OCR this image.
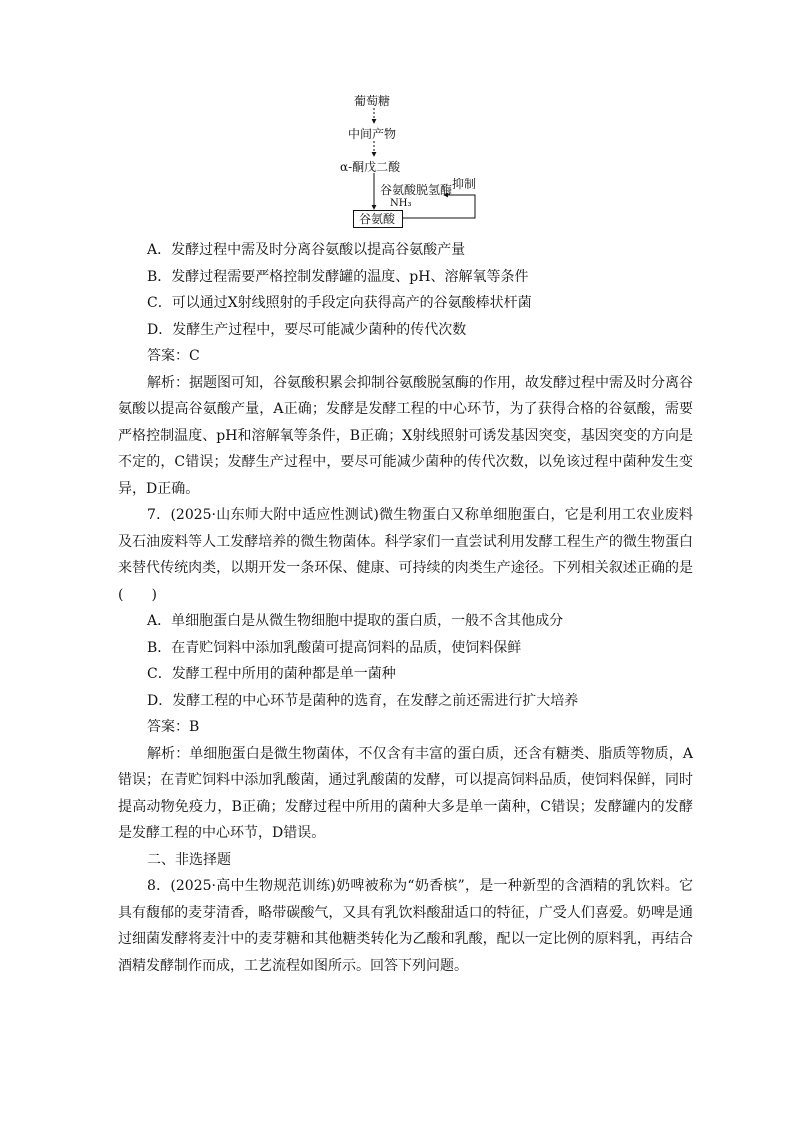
葡萄糖
中间产物
α-酮戊二酸
谷氨酸脱氢酶
NH₃
抑制
谷氨酸

A．发酵过程中需及时分离谷氨酸以提高谷氨酸产量

B．发酵过程需要严格控制发酵罐的温度、pH、溶解氧等条件

C．可以通过X射线照射的手段定向获得高产的谷氨酸棒状杆菌

D．发酵生产过程中，要尽可能减少菌种的传代次数

答案：C

解析：据题图可知，谷氨酸积累会抑制谷氨酸脱氢酶的作用，故发酵过程中需及时分离谷氨酸以提高谷氨酸产量，A正确；发酵是发酵工程的中心环节，为了获得合格的谷氨酸，需要严格控制温度、pH和溶解氧等条件，B正确；X射线照射可诱发基因突变，基因突变的方向是不定的，C错误；发酵生产过程中，要尽可能减少菌种的传代次数，以免该过程中菌种发生变异，D正确。

7．(2025·山东师大附中适应性测试)微生物蛋白又称单细胞蛋白，它是利用工农业废料及石油废料等人工发酵培养的微生物菌体。科学家们一直尝试利用发酵工程生产的微生物蛋白来替代传统肉类，以期开发一条环保、健康、可持续的肉类生产途径。下列相关叙述正确的是(　　)

A．单细胞蛋白是从微生物细胞中提取的蛋白质，一般不含其他成分

B．在青贮饲料中添加乳酸菌可提高饲料的品质，使饲料保鲜

C．发酵工程中所用的菌种都是单一菌种

D．发酵工程的中心环节是菌种的选育，在发酵之前还需进行扩大培养

答案：B

解析：单细胞蛋白是微生物菌体，不仅含有丰富的蛋白质，还含有糖类、脂质等物质，A错误；在青贮饲料中添加乳酸菌，通过乳酸菌的发酵，可以提高饲料品质，使饲料保鲜，同时提高动物免疫力，B正确；发酵过程中所用的菌种大多是单一菌种，C错误；发酵罐内的发酵是发酵工程的中心环节，D错误。

二、非选择题

8．(2025·高中生物规范训练)奶啤被称为“奶香槟”，是一种新型的含酒精的乳饮料。它具有馥郁的麦芽清香，略带碳酸气，又具有乳饮料酸甜适口的特征，广受人们喜爱。奶啤是通过细菌发酵将麦汁中的麦芽糖和其他糖类转化为乙酸和乳酸，配以一定比例的原料乳，再结合酒精发酵制作而成，工艺流程如图所示。回答下列问题。
